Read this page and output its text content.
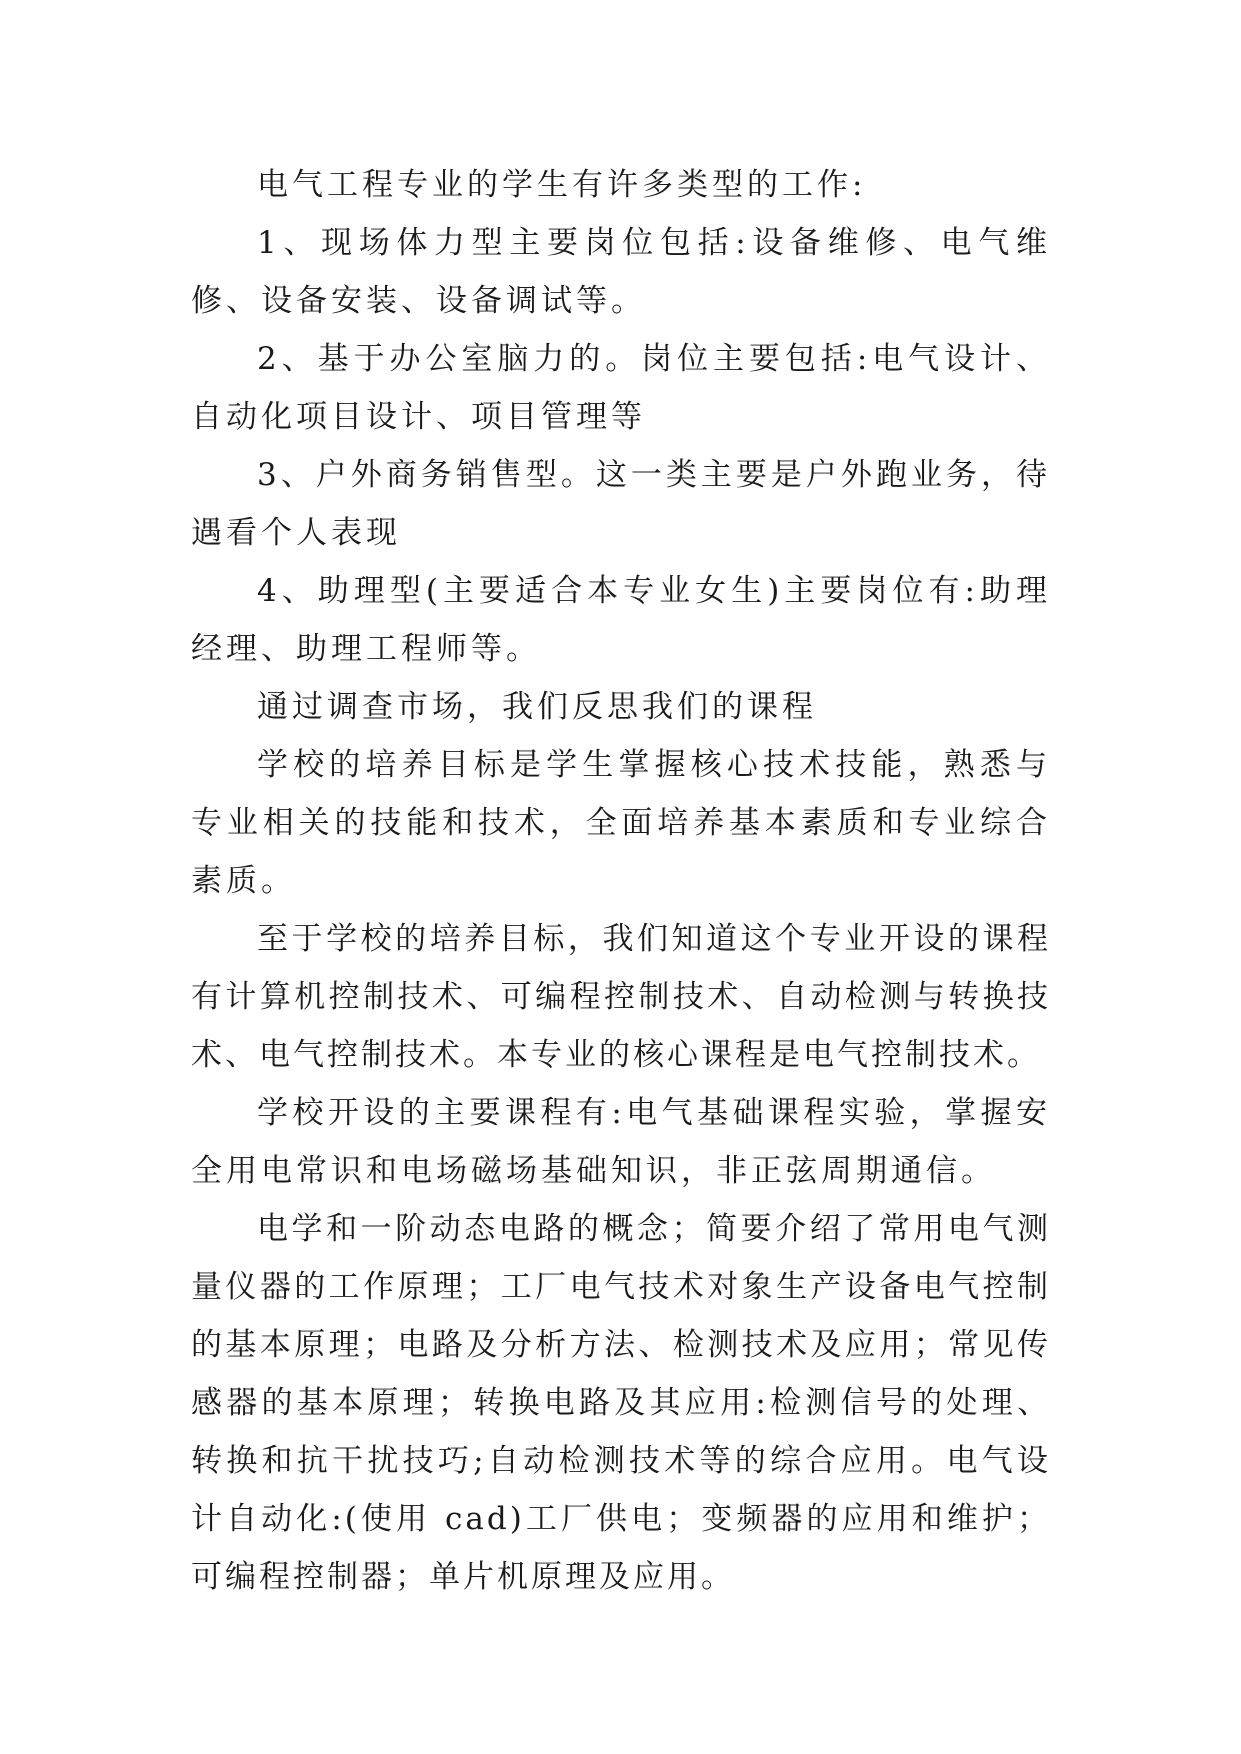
电气工程专业的学生有许多类型的工作:

1、现场体力型主要岗位包括:设备维修、电气维修、设备安装、设备调试等。

2、基于办公室脑力的。岗位主要包括:电气设计、自动化项目设计、项目管理等

3、户外商务销售型。这一类主要是户外跑业务，待遇看个人表现

4、助理型(主要适合本专业女生)主要岗位有:助理经理、助理工程师等。

通过调查市场，我们反思我们的课程

学校的培养目标是学生掌握核心技术技能，熟悉与专业相关的技能和技术，全面培养基本素质和专业综合素质。

至于学校的培养目标，我们知道这个专业开设的课程有计算机控制技术、可编程控制技术、自动检测与转换技术、电气控制技术。本专业的核心课程是电气控制技术。

学校开设的主要课程有:电气基础课程实验，掌握安全用电常识和电场磁场基础知识，非正弦周期通信。

电学和一阶动态电路的概念；简要介绍了常用电气测量仪器的工作原理；工厂电气技术对象生产设备电气控制的基本原理；电路及分析方法、检测技术及应用；常见传感器的基本原理；转换电路及其应用:检测信号的处理、转换和抗干扰技巧;自动检测技术等的综合应用。电气设计自动化:(使用 cad)工厂供电；变频器的应用和维护；可编程控制器；单片机原理及应用。
